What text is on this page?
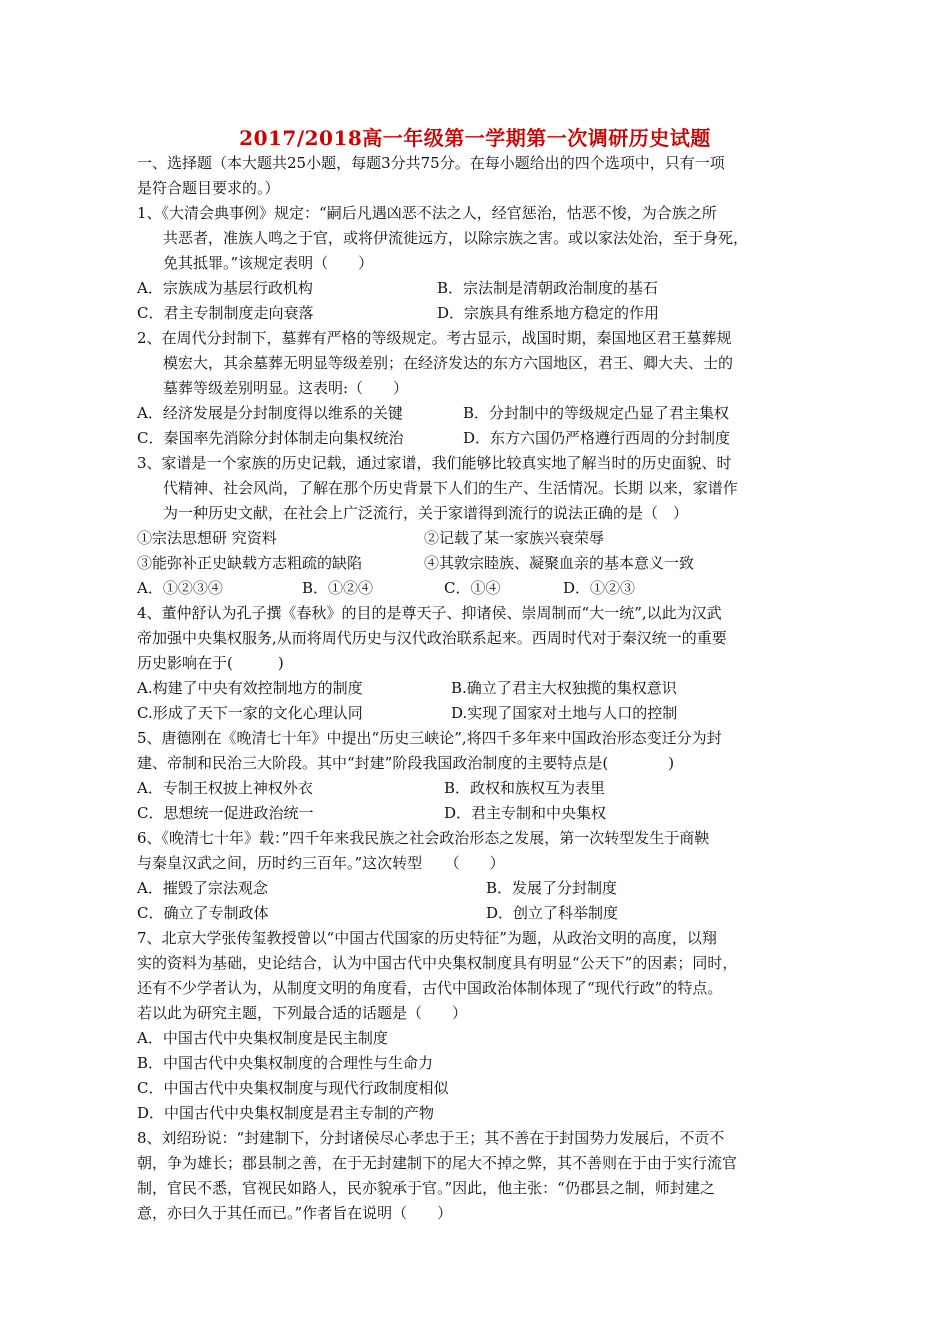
2017/2018高一年级第一学期第一次调研历史试题
一、选择题（本大题共25小题，每题3分共75分。在每小题给出的四个选项中，只有一项
是符合题目要求的。）
1、《大清会典事例》规定：“嗣后凡遇凶恶不法之人，经官惩治，怙恶不悛，为合族之所
共恶者，准族人鸣之于官，或将伊流徙远方，以除宗族之害。或以家法处治，至于身死，
免其抵罪。”该规定表明（　　）
A．宗族成为基层行政机构	B．宗法制是清朝政治制度的基石
C．君主专制制度走向衰落	D．宗族具有维系地方稳定的作用
2、在周代分封制下，墓葬有严格的等级规定。考古显示，战国时期，秦国地区君王墓葬规
模宏大，其余墓葬无明显等级差别；在经济发达的东方六国地区，君王、卿大夫、士的
墓葬等级差别明显。这表明:（　　）
A．经济发展是分封制度得以维系的关键	B．分封制中的等级规定凸显了君主集权
C．秦国率先消除分封体制走向集权统治	D．东方六国仍严格遵行西周的分封制度
3、家谱是一个家族的历史记载，通过家谱，我们能够比较真实地了解当时的历史面貌、时
代精神、社会风尚，了解在那个历史背景下人们的生产、生活情况。长期 以来，家谱作
为一种历史文献，在社会上广泛流行，关于家谱得到流行的说法正确的是（　）
①宗法思想研 究资料	②记载了某一家族兴衰荣辱
③能弥补正史缺载方志粗疏的缺陷	④其敦宗睦族、凝聚血亲的基本意义一致
A．①②③④	B．①②④	C．①④	D．①②③
4、董仲舒认为孔子撰《春秋》的目的是尊天子、抑诸侯、崇周制而“大一统”,以此为汉武
帝加强中央集权服务,从而将周代历史与汉代政治联系起来。西周时代对于秦汉统一的重要
历史影响在于(　　　)
A.构建了中央有效控制地方的制度	B.确立了君主大权独揽的集权意识
C.形成了天下一家的文化心理认同	D.实现了国家对土地与人口的控制
5、唐德刚在《晚清七十年》中提出“历史三峡论”,将四千多年来中国政治形态变迁分为封
建、帝制和民治三大阶段。其中“封建”阶段我国政治制度的主要特点是(　　　　)
A．专制王权披上神权外衣	B．政权和族权互为表里
C．思想统一促进政治统一	D．君主专制和中央集权
6、《晚清七十年》载：”四千年来我民族之社会政治形态之发展，第一次转型发生于商鞅
与秦皇汉武之间，历时约三百年。”这次转型　　（　　）
A．摧毁了宗法观念	B．发展了分封制度
C．确立了专制政体	D．创立了科举制度
7、北京大学张传玺教授曾以“中国古代国家的历史特征”为题，从政治文明的高度，以翔
实的资料为基础，史论结合，认为中国古代中央集权制度具有明显“公天下”的因素；同时，
还有不少学者认为，从制度文明的角度看，古代中国政治体制体现了“现代行政”的特点。
若以此为研究主题，下列最合适的话题是（　　）
A．中国古代中央集权制度是民主制度
B．中国古代中央集权制度的合理性与生命力
C．中国古代中央集权制度与现代行政制度相似
D．中国古代中央集权制度是君主专制的产物
8、刘绍玢说：“封建制下，分封诸侯尽心孝忠于王；其不善在于封国势力发展后，不贡不
朝，争为雄长；郡县制之善，在于无封建制下的尾大不掉之弊，其不善则在于由于实行流官
制，官民不悉，官视民如路人，民亦貌承于官。”因此，他主张：“仍郡县之制，师封建之
意，亦曰久于其任而已。”作者旨在说明（　　）
